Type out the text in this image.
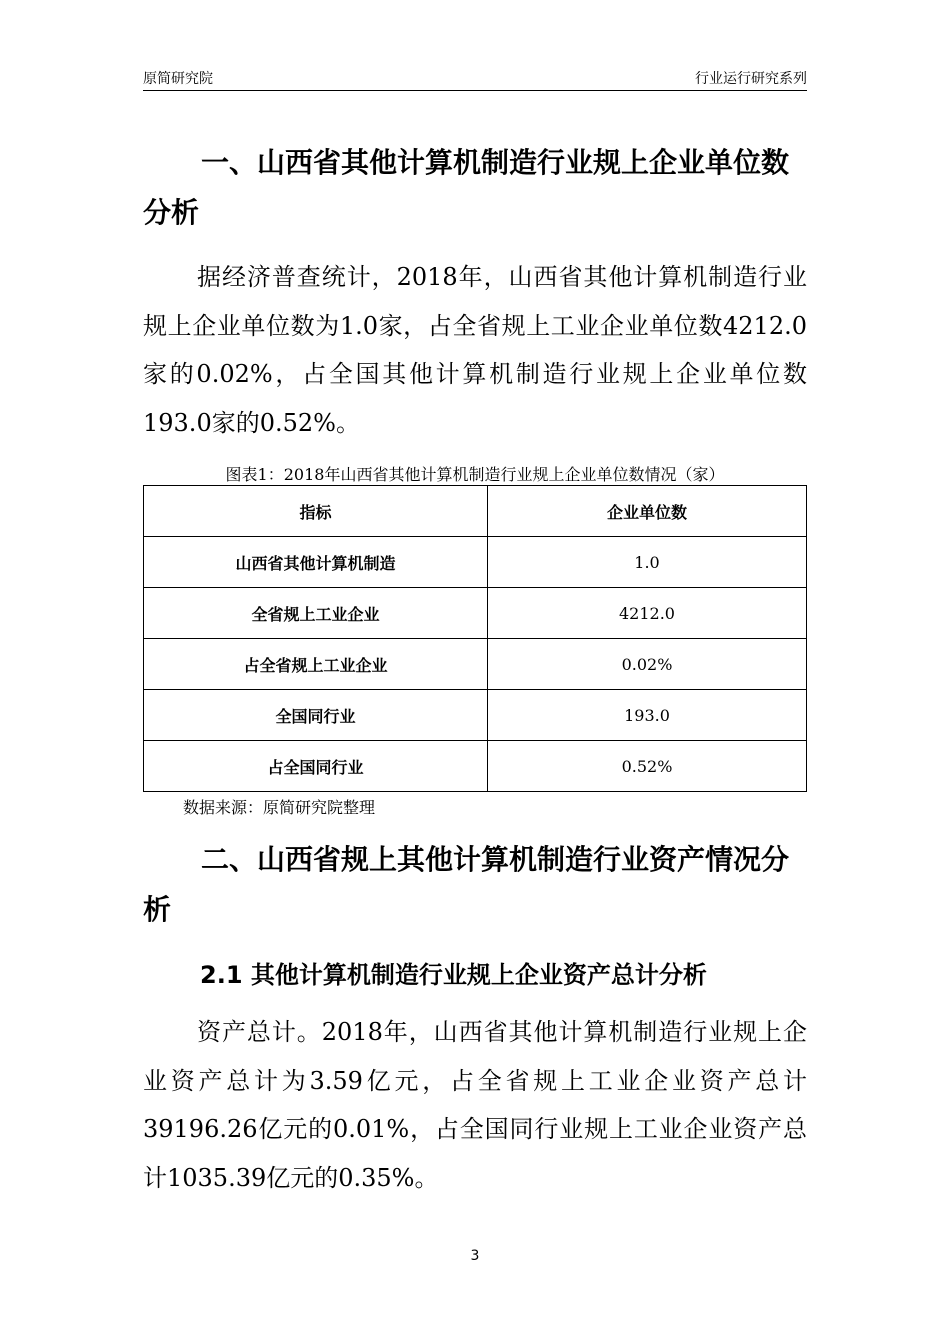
原简研究院	行业运行研究系列
一、山西省其他计算机制造行业规上企业单位数分析

据经济普查统计，2018年，山西省其他计算机制造行业规上企业单位数为1.0家，占全省规上工业企业单位数4212.0家的0.02%，占全国其他计算机制造行业规上企业单位数193.0家的0.52%。

图表1：2018年山西省其他计算机制造行业规上企业单位数情况（家）
指标	企业单位数
山西省其他计算机制造	1.0
全省规上工业企业	4212.0
占全省规上工业企业	0.02%
全国同行业	193.0
占全国同行业	0.52%
数据来源：原简研究院整理
二、山西省规上其他计算机制造行业资产情况分析
2.1 其他计算机制造行业规上企业资产总计分析

资产总计。2018年，山西省其他计算机制造行业规上企业资产总计为3.59亿元，占全省规上工业企业资产总计39196.26亿元的0.01%，占全国同行业规上工业企业资产总计1035.39亿元的0.35%。

3
